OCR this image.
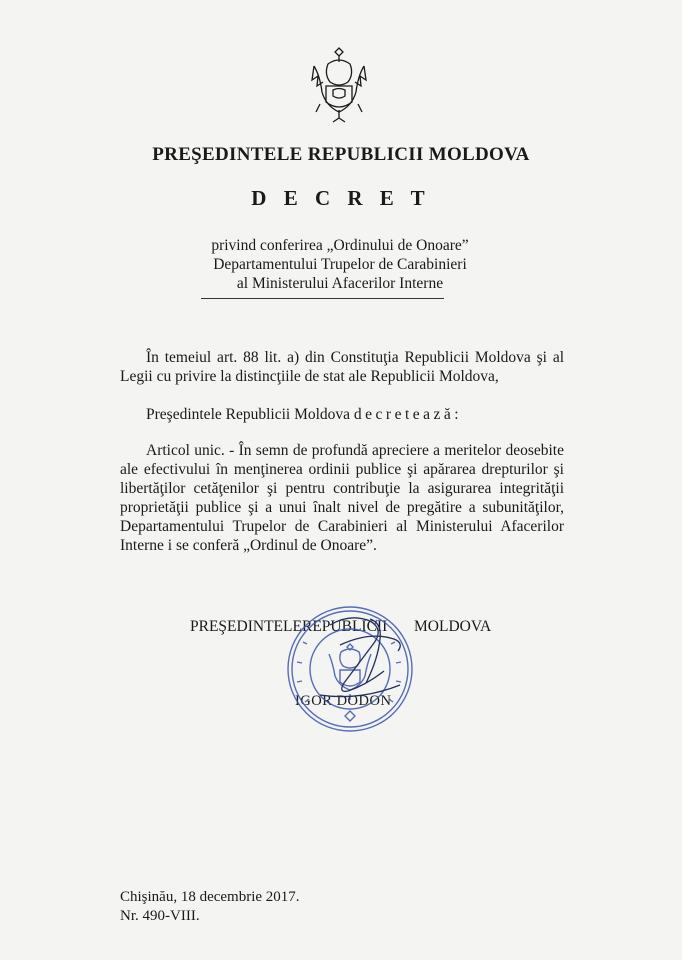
PREŞEDINTELE REPUBLICII MOLDOVA
D E C R E T
privind conferirea „Ordinului de Onoare”
Departamentului Trupelor de Carabinieri
al Ministerului Afacerilor Interne
În temeiul art. 88 lit. a) din Constituţia Republicii Moldova şi al Legii cu privire la distincţiile de stat ale Republicii Moldova,
Preşedintele Republicii Moldova decretează:
Articol unic. - În semn de profundă apreciere a meritelor deosebite ale efectivului în menţinerea ordinii publice şi apărarea drepturilor şi libertăţilor cetăţenilor şi pentru contribuţie la asigurarea integrităţii proprietăţii publice şi a unui înalt nivel de pregătire a subunităţilor, Departamentului Trupelor de Carabinieri al Ministerului Afacerilor Interne i se conferă „Ordinul de Onoare”.
PREŞEDINTELE REPUBLICII MOLDOVA
IGOR DODON
Chişinău, 18 decembrie 2017.
Nr. 490-VIII.
